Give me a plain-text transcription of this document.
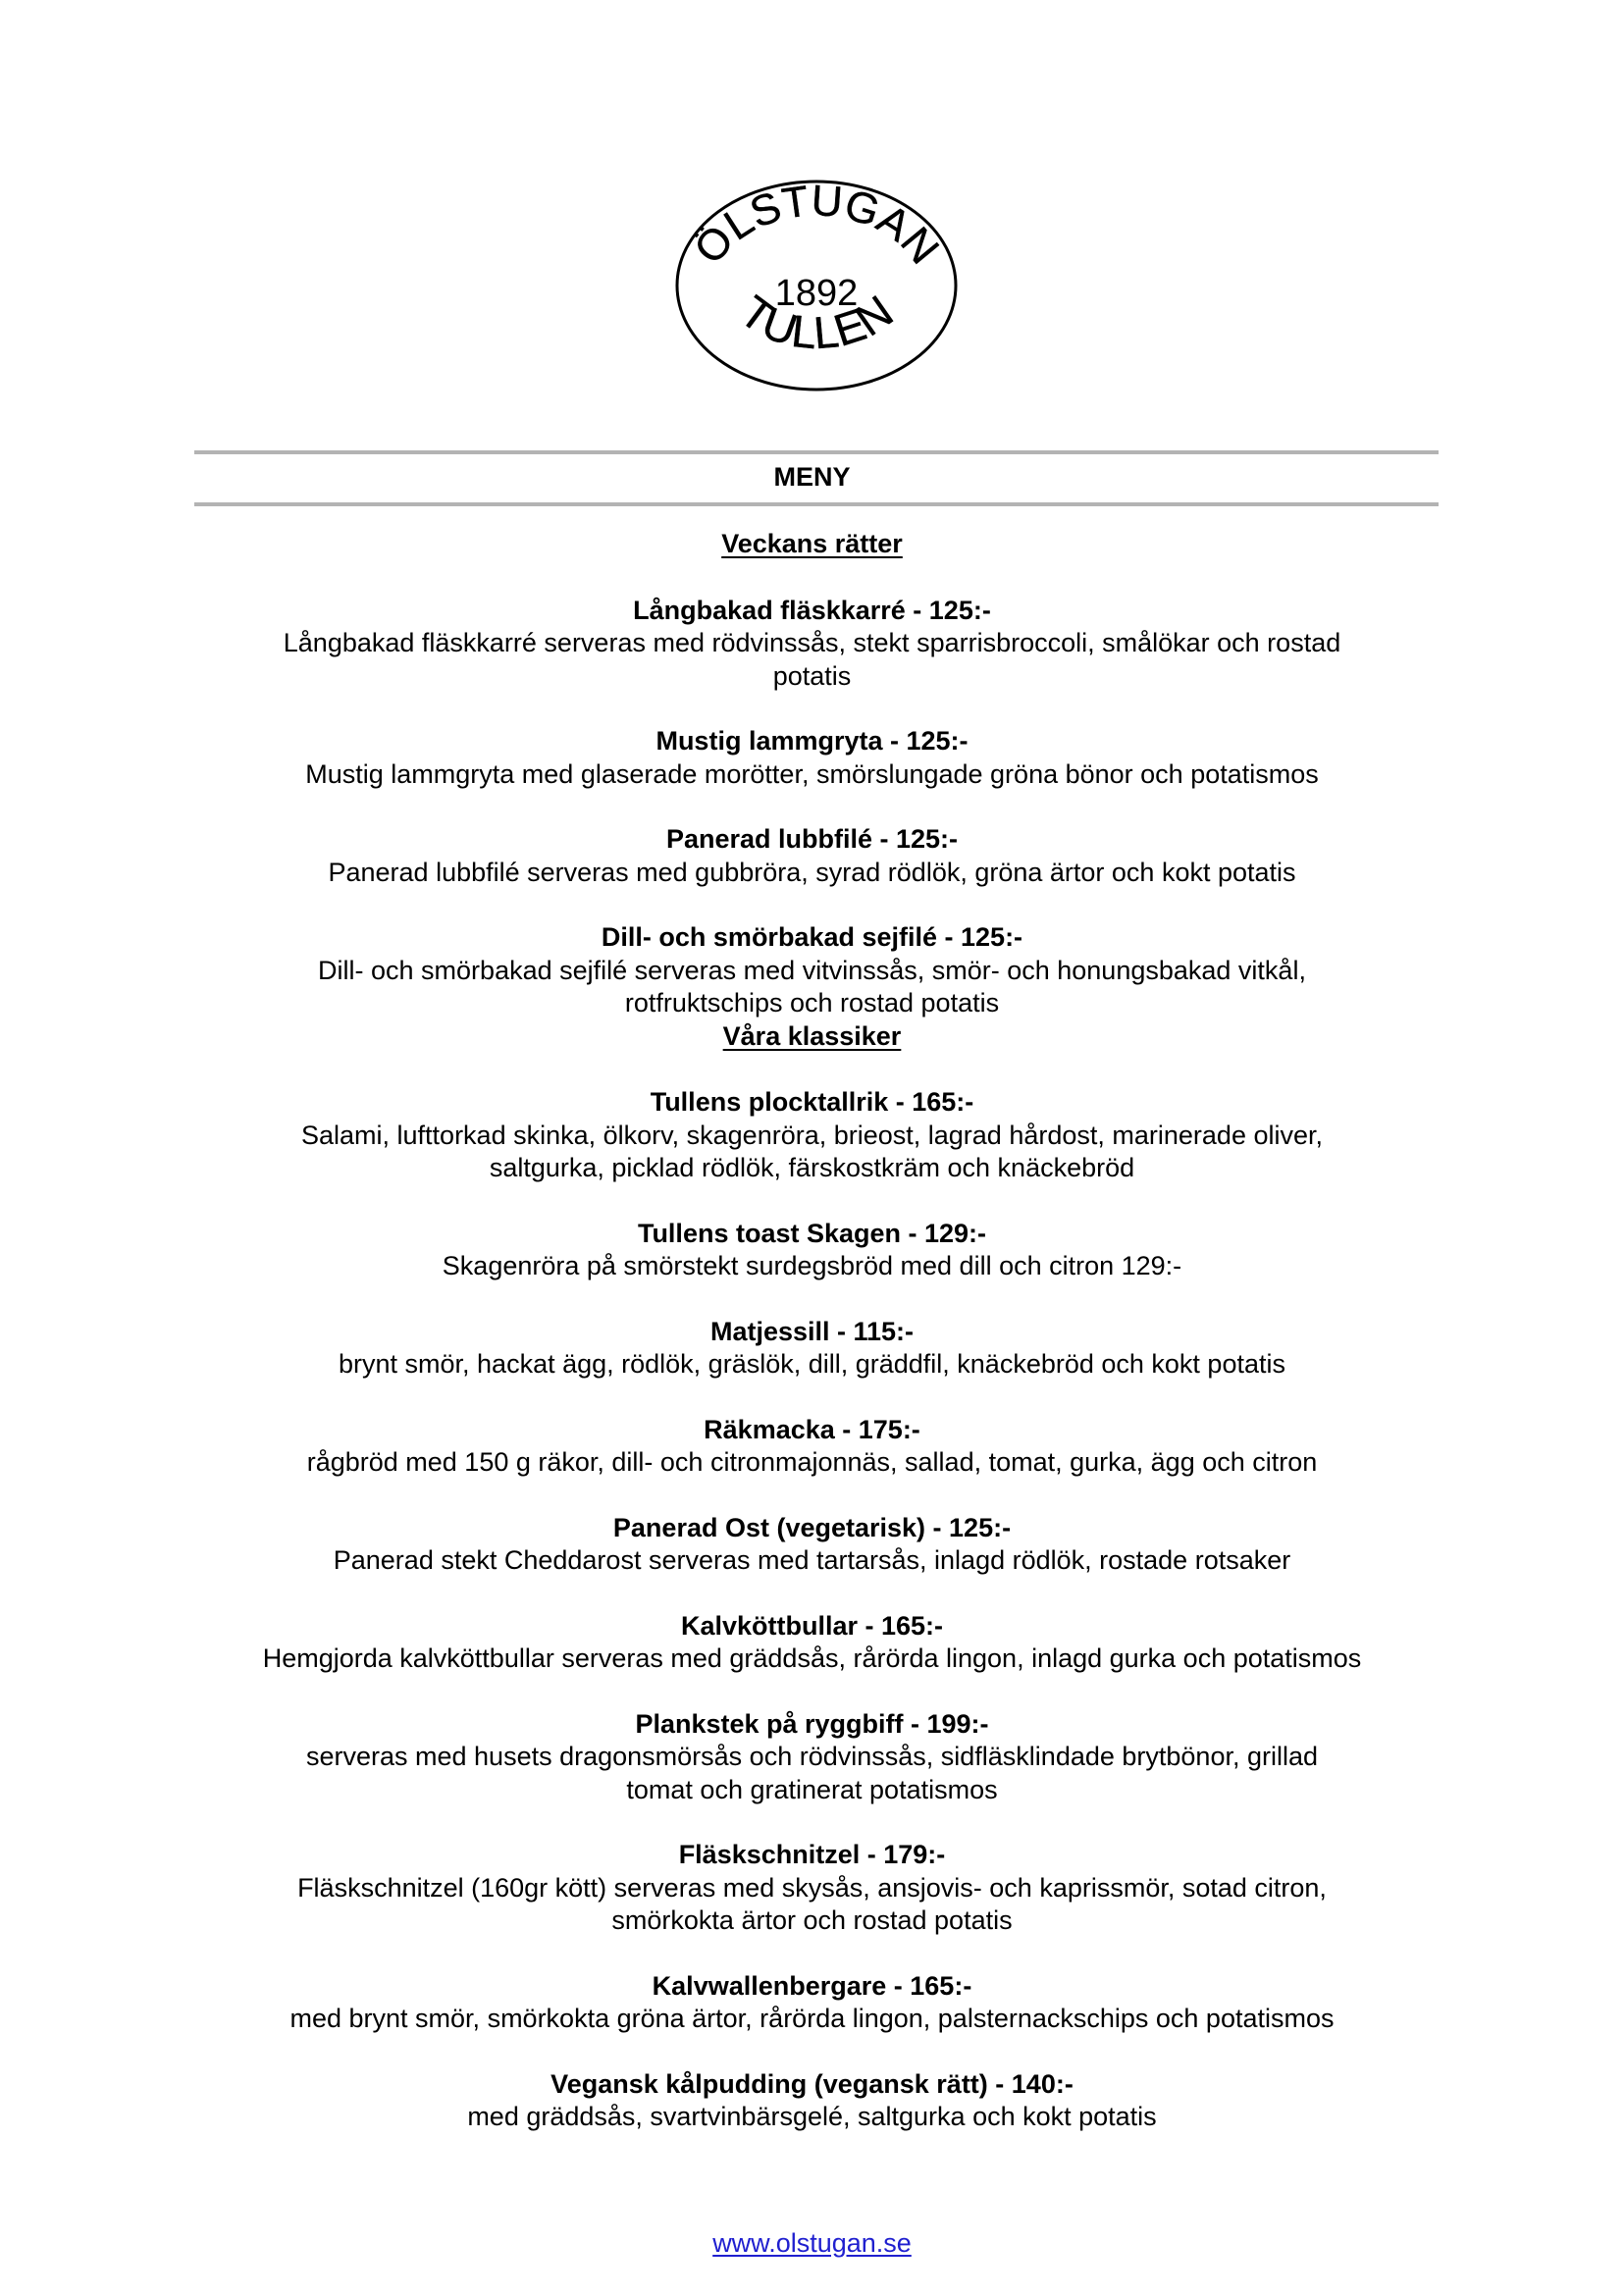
ÖLSTUGAN
1892
TULLEN
MENY
Veckans rätter
Långbakad fläskkarré - 125:-
Långbakad fläskkarré serveras med rödvinssås, stekt sparrisbroccoli, smålökar och rostad
potatis
Mustig lammgryta - 125:-
Mustig lammgryta med glaserade morötter, smörslungade gröna bönor och potatismos
Panerad lubbfilé - 125:-
Panerad lubbfilé serveras med gubbröra, syrad rödlök, gröna ärtor och kokt potatis
Dill- och smörbakad sejfilé - 125:-
Dill- och smörbakad sejfilé serveras med vitvinssås, smör- och honungsbakad vitkål,
rotfruktschips och rostad potatis
Våra klassiker
Tullens plocktallrik - 165:-
Salami, lufttorkad skinka, ölkorv, skagenröra, brieost, lagrad hårdost, marinerade oliver,
saltgurka, picklad rödlök, färskostkräm och knäckebröd
Tullens toast Skagen - 129:-
Skagenröra på smörstekt surdegsbröd med dill och citron 129:-
Matjessill - 115:-
brynt smör, hackat ägg, rödlök, gräslök, dill, gräddfil, knäckebröd och kokt potatis
Räkmacka - 175:-
rågbröd med 150 g räkor, dill- och citronmajonnäs, sallad, tomat, gurka, ägg och citron
Panerad Ost (vegetarisk) - 125:-
Panerad stekt Cheddarost serveras med tartarsås, inlagd rödlök, rostade rotsaker
Kalvköttbullar - 165:-
Hemgjorda kalvköttbullar serveras med gräddsås, rårörda lingon, inlagd gurka och potatismos
Plankstek på ryggbiff - 199:-
serveras med husets dragonsmörsås och rödvinssås, sidfläsklindade brytbönor, grillad
tomat och gratinerat potatismos
Fläskschnitzel - 179:-
Fläskschnitzel (160gr kött) serveras med skysås, ansjovis- och kaprissmör, sotad citron,
smörkokta ärtor och rostad potatis
Kalvwallenbergare - 165:-
med brynt smör, smörkokta gröna ärtor, rårörda lingon, palsternackschips och potatismos
Vegansk kålpudding (vegansk rätt) - 140:-
med gräddsås, svartvinbärsgelé, saltgurka och kokt potatis
www.olstugan.se
